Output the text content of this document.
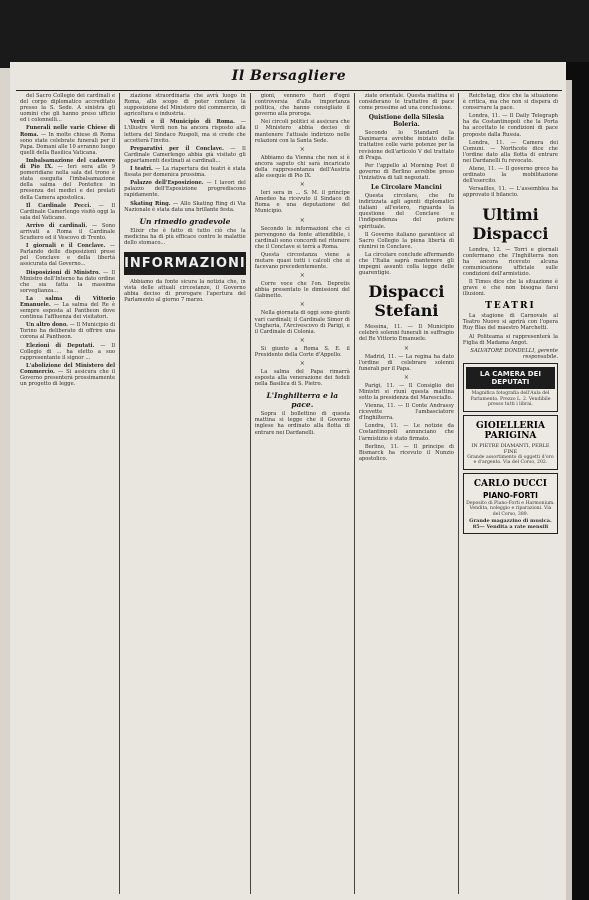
Il Bersagliere

del Sacro Collegio dei cardinali e del corpo diplomatico accreditato presso la S. Sede. A sinistra gli uomini che gli hanno preso ufficio ed i colonnelli...

Funerali nelle varie Chiese di Roma. — In molte chiese di Roma sono state celebrate funerali per il Papa. Domani alle 10 avranno luogo quelli della Basilica Vaticana.

Imbalsamazione del cadavere di Pio IX. — Ieri sera alle 9 pomeridiane nella sala del trono è stata eseguita l'imbalsamazione della salma del Pontefice in presenza dei medici e dei prelati della Camera apostolica.

Il Cardinale Pecci. — Il Cardinale Camerlengo visitò oggi la sala del Vaticano.

Arrivo di cardinali. — Sono arrivati a Roma il Cardinale Scudiero ed il Vescovo di Trento.

I giornali e il Conclave. — Parlando delle disposizioni prese pel Conclave e della libertà assicurata dal Governo...

Disposizioni di Ministro. — Il Ministro dell'Interno ha dato ordine che sia fatta la massima sorveglianza...

La salma di Vittorio Emanuele. — La salma del Re è sempre esposta al Pantheon dove continua l'affluenza dei visitatori.

Un altro dono. — Il Municipio di Torino ha deliberato di offrire una corona al Pantheon.

Elezioni di Deputati. — Il Collegio di ... ha eletto a suo rappresentante il signor ...

L'abolizione del Ministero del Commercio. — Si assicura che il Governo presenterà prossimamente un progetto di legge.

ziazione straordinaria che avrà luogo in Roma, allo scopo di poter contare la supposizione del Ministero del commercio, di agricoltura e industria.

Verdi e il Municipio di Roma. — L'illustre Verdi non ha ancora risposto alla lettera del Sindaco Ruspoli, ma si crede che accetterà l'invito.

Preparativi per il Conclave. — Il Cardinale Camerlengo abbia già visitato gli appartamenti destinati ai cardinali...

I teatri. — La riapertura dei teatri è stata fissata per domenica prossima.

Palazzo dell'Esposizione. — I lavori del palazzo dell'Esposizione progrediscono rapidamente.

Skating Ring. — Allo Skating Ring di Via Nazionale è stata data una brillante festa.

Un rimedio gradevole

Elixir che è fatto di tutto ciò che la medicina ha di più efficace contro le malattie dello stomaco...

INFORMAZIONI

Abbiamo da fonte sicura la notizia che, in vista delle attuali circostanze, il Governo abbia deciso di prorogare l'apertura del Parlamento al giorno 7 marzo.

gioni, vennero fuori d'ogni controversia d'alta importanza politica, che hanno consigliato il governo alla proroga.

Nei circoli politici si assicura che il Ministero abbia deciso di mantenere l'attuale indirizzo nelle relazioni con la Santa Sede.

×

Abbiamo da Vienna che non si è ancora saputo chi sarà incaricato della rappresentanza dell'Austria alle esequie di Pio IX.

×

Ieri sera in ... S. M. il principe Amedeo ha ricevuto il Sindaco di Roma e una deputazione del Municipio.

×

Secondo le informazioni che ci pervengono da fonte attendibile, i cardinali sono concordi nel ritenere che il Conclave si terrà a Roma.

Questa circostanza viene a mutare quasi tutti i calcoli che si facevano precedentemente.

×

Corre voce che l'on. Depretis abbia presentato le dimissioni del Gabinetto.

×

Nella giornata di oggi sono giunti vari cardinali; il Cardinale Simor di Ungheria, l'Arcivescovo di Parigi, e il Cardinale di Colonia.

×

Si giunto a Roma S. E. il Presidente della Corte d'Appello.

×

La salma del Papa rimarrà esposta alla venerazione dei fedeli nella Basilica di S. Pietro.

L'Inghilterra e la pace.

Sopra il bollettino di questa mattina si legge che il Governo inglese ha ordinato alla flotta di entrare nei Dardanelli.

ziate orientale. Questa mattina si considerano le trattative di pace come prossime ad una conclusione.

Quistione della Silesia Boleria.

Secondo lo Standard la Danimarca avrebbe iniziato delle trattative colle varie potenze per la revisione dell'articolo V del trattato di Praga.

Per l'appello al Morning Post il governo di Berlino avrebbe preso l'iniziativa di tali negoziati.

Le Circolare Mancini

Questa circolare, che fu indirizzata agli agenti diplomatici italiani all'estero, riguarda la questione del Conclave e l'indipendenza del potere spirituale.

Il Governo italiano garantisce al Sacro Collegio la piena libertà di riunirsi in Conclave.

La circolare conclude affermando che l'Italia saprà mantenere gli impegni assunti colla legge delle guarentigie.

Dispacci Stefani

Messina, 11. — Il Municipio celebrò solenni funerali in suffragio del Re Vittorio Emanuele.

×

Madrid, 11. — La regina ha dato l'ordine di celebrare solenni funerali per il Papa.

×

Parigi, 11. — Il Consiglio dei Ministri si riunì questa mattina sotto la presidenza del Maresciallo.

Vienna, 11. — Il Conte Andrassy ricevette l'ambasciatore d'Inghilterra.

Londra, 11. — Le notizie da Costantinopoli annunciano che l'armistizio è stato firmato.

Berlino, 11. — Il principe di Bismarck ha ricevuto il Nunzio apostolico.

Reichstag, dice che la situazione è critica, ma che non si dispera di conservare la pace.

Londra, 11. — Il Daily Telegraph ha da Costantinopoli che la Porta ha accettato le condizioni di pace proposte dalla Russia.

Londra, 11. — Camera dei Comuni. — Northcote dice che l'ordine dato alla flotta di entrare nei Dardanelli fu revocato.

Atene, 11. — Il governo greco ha ordinato la mobilitazione dell'esercito.

Versailles, 11. — L'assemblea ha approvato il bilancio.

Ultimi Dispacci

Londra, 12. — Torri e giornali confermano che l'Inghilterra non ha ancora ricevuto alcuna comunicazione ufficiale sulle condizioni dell'armistizio.

Il Times dice che la situazione è grave e che non bisogna farsi illusioni.

TEATRI

La stagione di Carnovale al Teatro Nuovo si aprirà con l'opera Ruy Blas del maestro Marchetti.

Al Politeama si rappresenterà la Figlia di Madama Angot.

SALVATORE DONDELLI, gerente responsabile.

LA CAMERA DEI DEPUTATI

Magnifica fotografia dell'Aula del Parlamento. Prezzo L. 2. Vendibile presso tutti i librai.

GIOIELLERIA PARIGINA

IN PIETRE DIAMANTI, PERLE FINE

Grande assortimento di oggetti d'oro e d'argento. Via del Corso, 202.

CARLO DUCCI
PIANO-FORTI

Deposito di Piano-Forti e Harmonium. Vendita, noleggio e riparazioni. Via del Corso, 389.

Grande magazzino di musica.

85— Vendita a rate mensili
